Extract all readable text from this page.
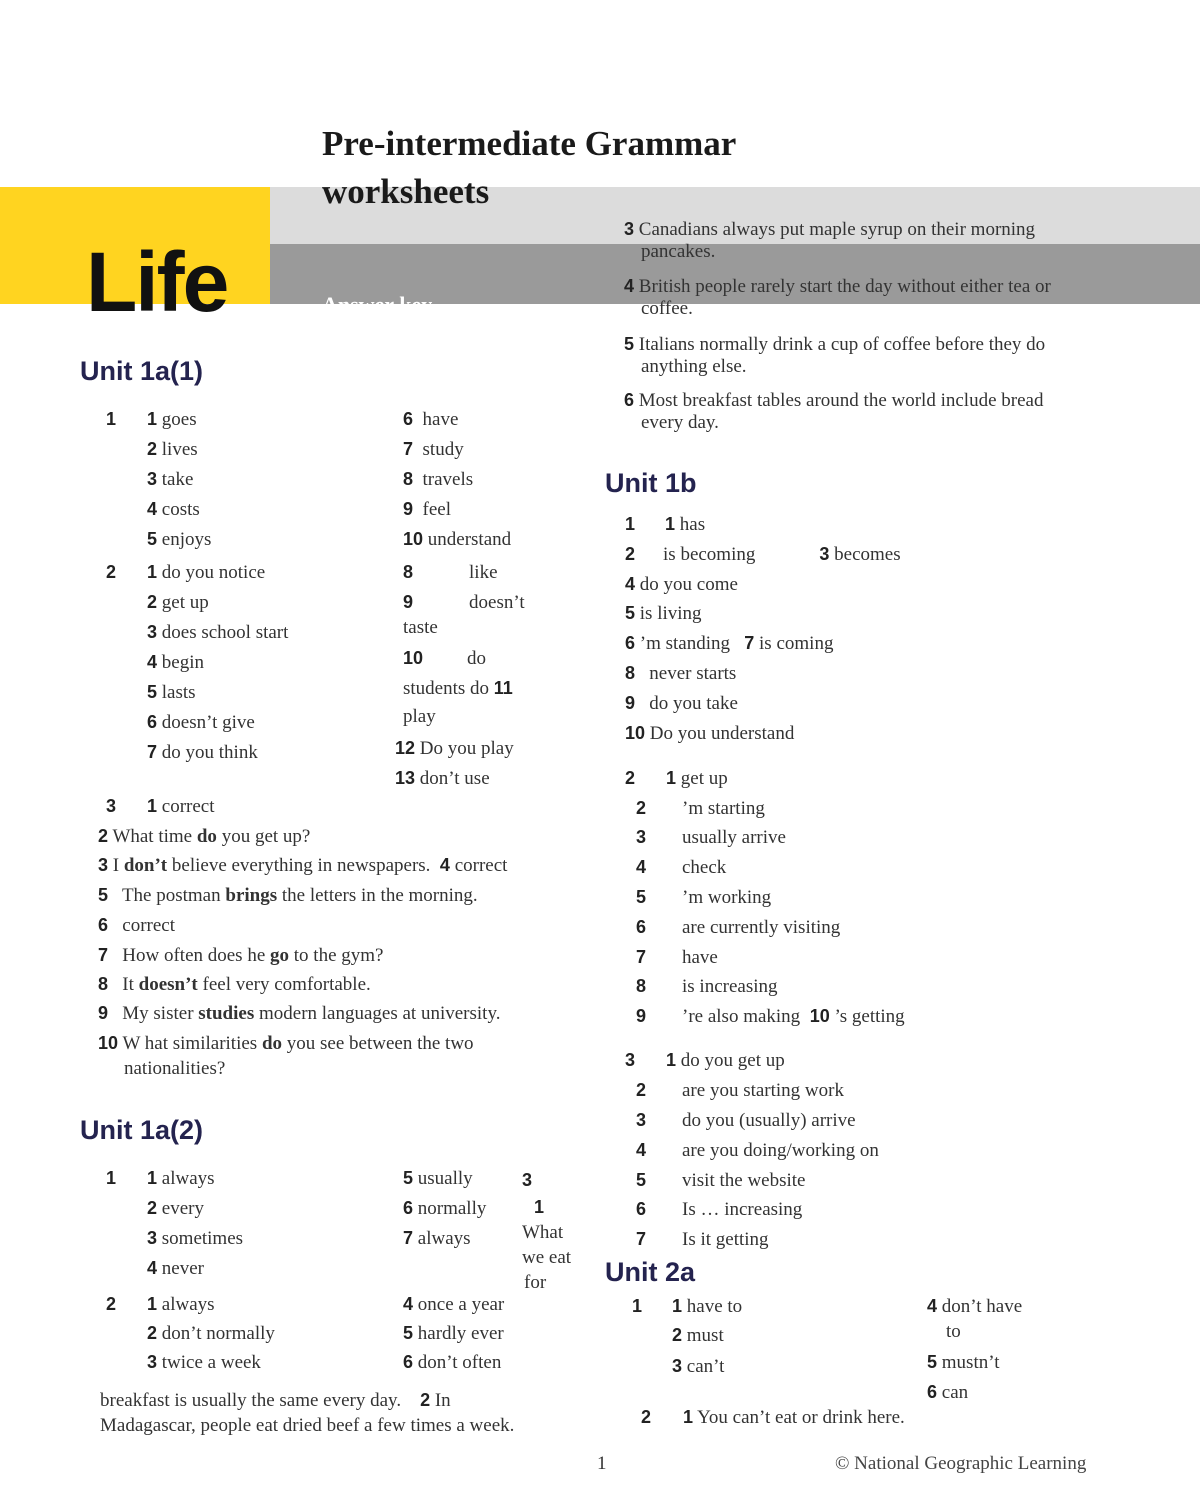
Life
Pre-intermediate Grammar
worksheets
Answer key
Unit 1a(1)
1 1 goes
2 lives
3 take
4 costs
5 enjoys
6 have
7 study
8 travels
9 feel
10 understand
2 1 do you notice
2 get up
3 does school start
4 begin
5 lasts
6 doesn’t give
7 do you think
8	like
9	doesn’t
taste
10 do
students do 11
play
12 Do you play
13 don’t use
3 1 correct
2 What time do you get up?
3 I don’t believe everything in newspapers. 4 correct
5 The postman brings the letters in the morning.
6 correct
7 How often does he go to the gym?
8 It doesn’t feel very comfortable.
9 My sister studies modern languages at university.
10 W hat similarities do you see between the two
nationalities?
Unit 1a(2)
1 1 always
2 every
3 sometimes
4 never
5 usually
6 normally
7 always
3
1
What
we eat
for
2 1 always
2 don’t normally
3 twice a week
4 once a year
5 hardly ever
6 don’t often
breakfast is usually the same every day. 2 In
Madagascar, people eat dried beef a few times a week.
3 Canadians always put maple syrup on their morning
pancakes.
4 British people rarely start the day without either tea or
coffee.
5 Italians normally drink a cup of coffee before they do
anything else.
6 Most breakfast tables around the world include bread
every day.
Unit 1b
1 1 has
2 is becoming	3 becomes
4 do you come
5 is living
6 ’m standing 7 is coming
8 never starts
9 do you take
10 Do you understand
2	1 get up
2 ’m starting
3 usually arrive
4 check
5 ’m working
6 are currently visiting
7 have
8 is increasing
9 ’re also making 10 ’s getting
3	1 do you get up
2 are you starting work
3 do you (usually) arrive
4 are you doing/working on
5 visit the website
6 Is … increasing
7 Is it getting
Unit 2a
1 1 have to
2 must
3 can’t
4 don’t have
to
5 mustn’t
6 can
2 1 You can’t eat or drink here.
1	© National Geographic Learning
